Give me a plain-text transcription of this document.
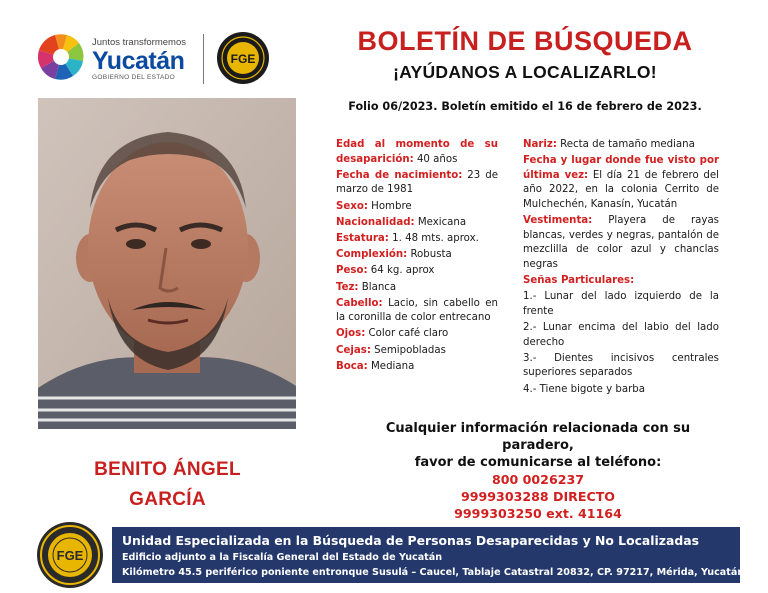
Juntos transformemos
Yucatán
GOBIERNO DEL ESTADO
FGE
BOLETÍN DE BÚSQUEDA
¡AYÚDANOS A LOCALIZARLO!
Folio 06/2023. Boletín emitido el 16 de febrero de 2023.
BENITO ÁNGEL
GARCÍA

Edad al momento de su desaparición: 40 años

Fecha de nacimiento: 23 de marzo de 1981

Sexo: Hombre

Nacionalidad: Mexicana

Estatura: 1. 48 mts. aprox.

Complexión: Robusta

Peso: 64 kg. aprox

Tez: Blanca

Cabello: Lacio, sin cabello en la coronilla de color entrecano

Ojos: Color café claro

Cejas: Semipobladas

Boca: Mediana

Nariz: Recta de tamaño mediana

Fecha y lugar donde fue visto por última vez: El día 21 de febrero del año 2022, en la colonia Cerrito de Mulchechén, Kanasín, Yucatán

Vestimenta: Playera de rayas blancas, verdes y negras, pantalón de mezclilla de color azul y chanclas negras

Señas Particulares:

1.- Lunar del lado izquierdo de la frente

2.- Lunar encima del labio del lado derecho

3.- Dientes incisivos centrales superiores separados

4.- Tiene bigote y barba

Cualquier información relacionada con su paradero,
favor de comunicarse al teléfono:
800 0026237
9999303288 DIRECTO
9999303250 ext. 41164
FGE
Unidad Especializada en la Búsqueda de Personas Desaparecidas y No Localizadas
Edificio adjunto a la Fiscalía General del Estado de Yucatán
Kilómetro 45.5 periférico poniente entronque Susulá – Caucel, Tablaje Catastral 20832, CP. 97217, Mérida, Yucatán.
